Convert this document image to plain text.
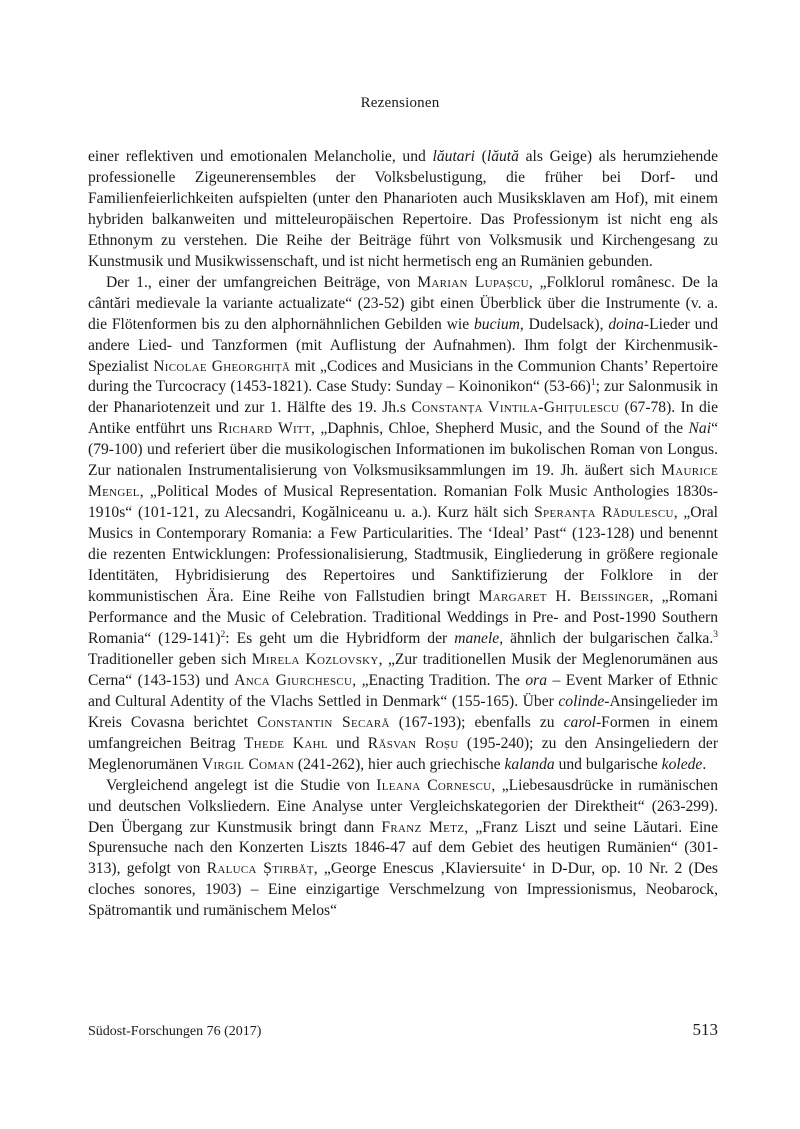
Rezensionen

einer reflektiven und emotionalen Melancholie, und lăutari (lăută als Geige) als herumziehende professionelle Zigeunerensembles der Volksbelustigung, die früher bei Dorf- und Familienfeierlichkeiten aufspielten (unter den Phanarioten auch Musiksklaven am Hof), mit einem hybriden balkanweiten und mitteleuropäischen Repertoire. Das Professionym ist nicht eng als Ethnonym zu verstehen. Die Reihe der Beiträge führt von Volksmusik und Kirchengesang zu Kunstmusik und Musikwissenschaft, und ist nicht hermetisch eng an Rumänien gebunden.

Der 1., einer der umfangreichen Beiträge, von Marian Lupașcu, „Folklorul românesc. De la cântări medievale la variante actualizate“ (23-52) gibt einen Überblick über die Instrumente (v. a. die Flötenformen bis zu den alphornähnlichen Gebilden wie bucium, Dudelsack), doina-Lieder und andere Lied- und Tanzformen (mit Auflistung der Aufnahmen). Ihm folgt der Kirchenmusik-Spezialist Nicolae Gheorghiță mit „Codices and Musicians in the Communion Chants’ Repertoire during the Turcocracy (1453-1821). Case Study: Sunday – Koinonikon“ $(53-66)^1$; zur Salonmusik in der Phanariotenzeit und zur 1. Hälfte des 19. Jh.s Constanța Vintila-Ghițulescu (67-78). In die Antike entführt uns Richard Witt, „Daphnis, Chloe, Shepherd Music, and the Sound of the Nai“ (79-100) und referiert über die musikologischen Informationen im bukolischen Roman von Longus. Zur nationalen Instrumentalisierung von Volksmusiksammlungen im 19. Jh. äußert sich Maurice Mengel, „Political Modes of Musical Representation. Romanian Folk Music Anthologies 1830s-1910s“ (101-121, zu Alecsandri, Kogălniceanu u. a.). Kurz hält sich Speranța Rădulescu, „Oral Musics in Contemporary Romania: a Few Particularities. The ‘Ideal’ Past“ (123-128) und benennt die rezenten Entwicklungen: Professionalisierung, Stadtmusik, Eingliederung in größere regionale Identitäten, Hybridisierung des Repertoires und Sanktifizierung der Folklore in der kommunistischen Ära. Eine Reihe von Fallstudien bringt Margaret H. Beissinger, „Romani Performance and the Music of Celebration. Traditional Weddings in Pre- and Post-1990 Southern Romania“ $(129-141)^2$: Es geht um die Hybridform der manele, ähnlich der bulgarischen čalka.$^3$ Traditioneller geben sich Mirela Kozlovsky, „Zur traditionellen Musik der Meglenorumänen aus Cerna“ (143-153) und Anca Giurchescu, „Enacting Tradition. The ora – Event Marker of Ethnic and Cultural Adentity of the Vlachs Settled in Denmark“ (155-165). Über colinde-Ansingelieder im Kreis Covasna berichtet Constantin Secară (167-193); ebenfalls zu carol-Formen in einem umfangreichen Beitrag Thede Kahl und Răsvan Roșu (195-240); zu den Ansingeliedern der Meglenorumänen Virgil Coman (241-262), hier auch griechische kalanda und bulgarische kolede.

Vergleichend angelegt ist die Studie von Ileana Cornescu, „Liebesausdrücke in rumänischen und deutschen Volksliedern. Eine Analyse unter Vergleichskategorien der Direktheit“ (263-299). Den Übergang zur Kunstmusik bringt dann Franz Metz, „Franz Liszt und seine Lăutari. Eine Spurensuche nach den Konzerten Liszts 1846-47 auf dem Gebiet des heutigen Rumänien“ (301-313), gefolgt von Raluca Știrbăț, „George Enescus ‚Klaviersuite‘ in D-Dur, op. 10 Nr. 2 (Des cloches sonores, 1903) – Eine einzigartige Verschmelzung von Impressionismus, Neobarock, Spätromantik und rumänischem Melos“

Südost-Forschungen 76 (2017)	513
